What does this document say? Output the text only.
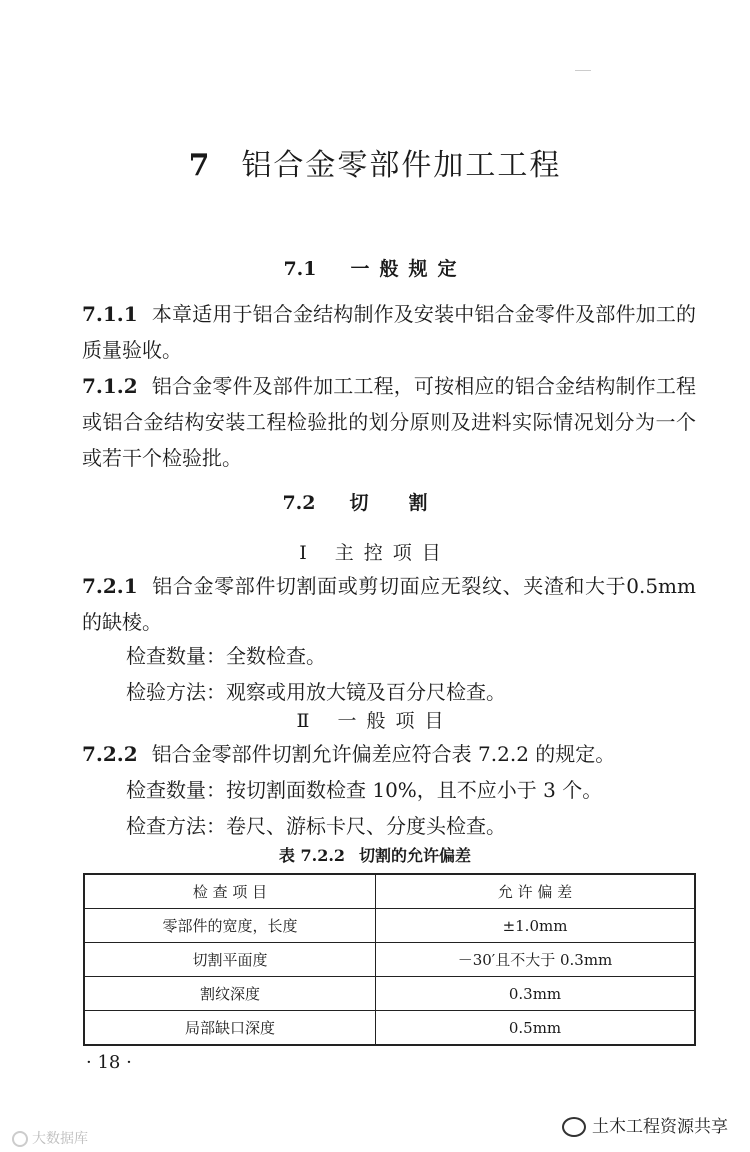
7 铝合金零部件加工工程
7.1 一般规定
7.1.1 本章适用于铝合金结构制作及安装中铝合金零件及部件加工的质量验收。
7.1.2 铝合金零件及部件加工工程，可按相应的铝合金结构制作工程或铝合金结构安装工程检验批的划分原则及进料实际情况划分为一个或若干个检验批。
7.2 切割
Ⅰ 主控项目
7.2.1 铝合金零部件切割面或剪切面应无裂纹、夹渣和大于0.5mm的缺棱。
检查数量：全数检查。
检验方法：观察或用放大镜及百分尺检查。
Ⅱ 一般项目
7.2.2 铝合金零部件切割允许偏差应符合表 7.2.2 的规定。
检查数量：按切割面数检查 10%，且不应小于 3 个。
检查方法：卷尺、游标卡尺、分度头检查。
表 7.2.2 切割的允许偏差
检 查 项 目	允 许 偏 差
零部件的宽度，长度	±1.0mm
切割平面度	－30′且不大于 0.3mm
割纹深度	0.3mm
局部缺口深度	0.5mm
· 18 ·
土木工程资源共享
大数据库
